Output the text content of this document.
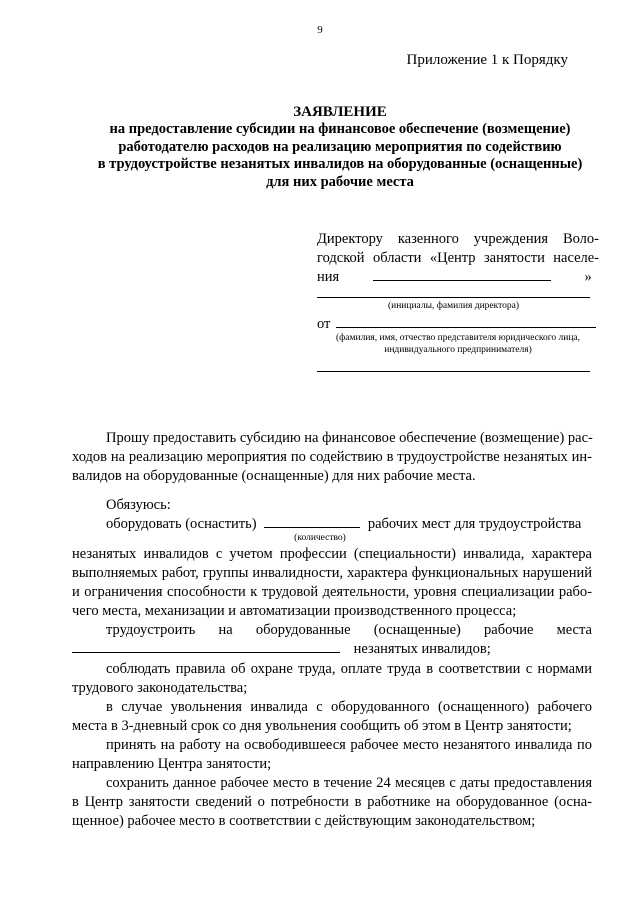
9
Приложение 1 к Порядку
ЗАЯВЛЕНИЕ
на предоставление субсидии на финансовое обеспечение (возмещение)
работодателю расходов на реализацию мероприятия по содействию
в трудоустройстве незанятых инвалидов на оборудованные (оснащенные)
для них рабочие места
Директору казенного учреждения Воло-
годской области «Центр занятости населе-
ния	»
(инициалы, фамилия директора)
от
(фамилия, имя, отчество представителя юридического лица,
индивидуального предпринимателя)
Прошу предоставить субсидию на финансовое обеспечение (возмещение) рас-
ходов на реализацию мероприятия по содействию в трудоустройстве незанятых ин-
валидов на оборудованные (оснащенные) для них рабочие места.
Обязуюсь:
оборудовать (оснастить)	рабочих мест для трудоустройства
(количество)
незанятых инвалидов с учетом профессии (специальности) инвалида, характера
выполняемых работ, группы инвалидности, характера функциональных нарушений
и ограничения способности к трудовой деятельности, уровня специализации рабо-
чего места, механизации и автоматизации производственного процесса;
трудоустроить на оборудованные (оснащенные) рабочие места
незанятых инвалидов;
соблюдать правила об охране труда, оплате труда в соответствии с нормами
трудового законодательства;
в случае увольнения инвалида с оборудованного (оснащенного) рабочего
места в 3-дневный срок со дня увольнения сообщить об этом в Центр занятости;
принять на работу на освободившееся рабочее место незанятого инвалида по
направлению Центра занятости;
сохранить данное рабочее место в течение 24 месяцев с даты предоставления
в Центр занятости сведений о потребности в работнике на оборудованное (осна-
щенное) рабочее место в соответствии с действующим законодательством;
